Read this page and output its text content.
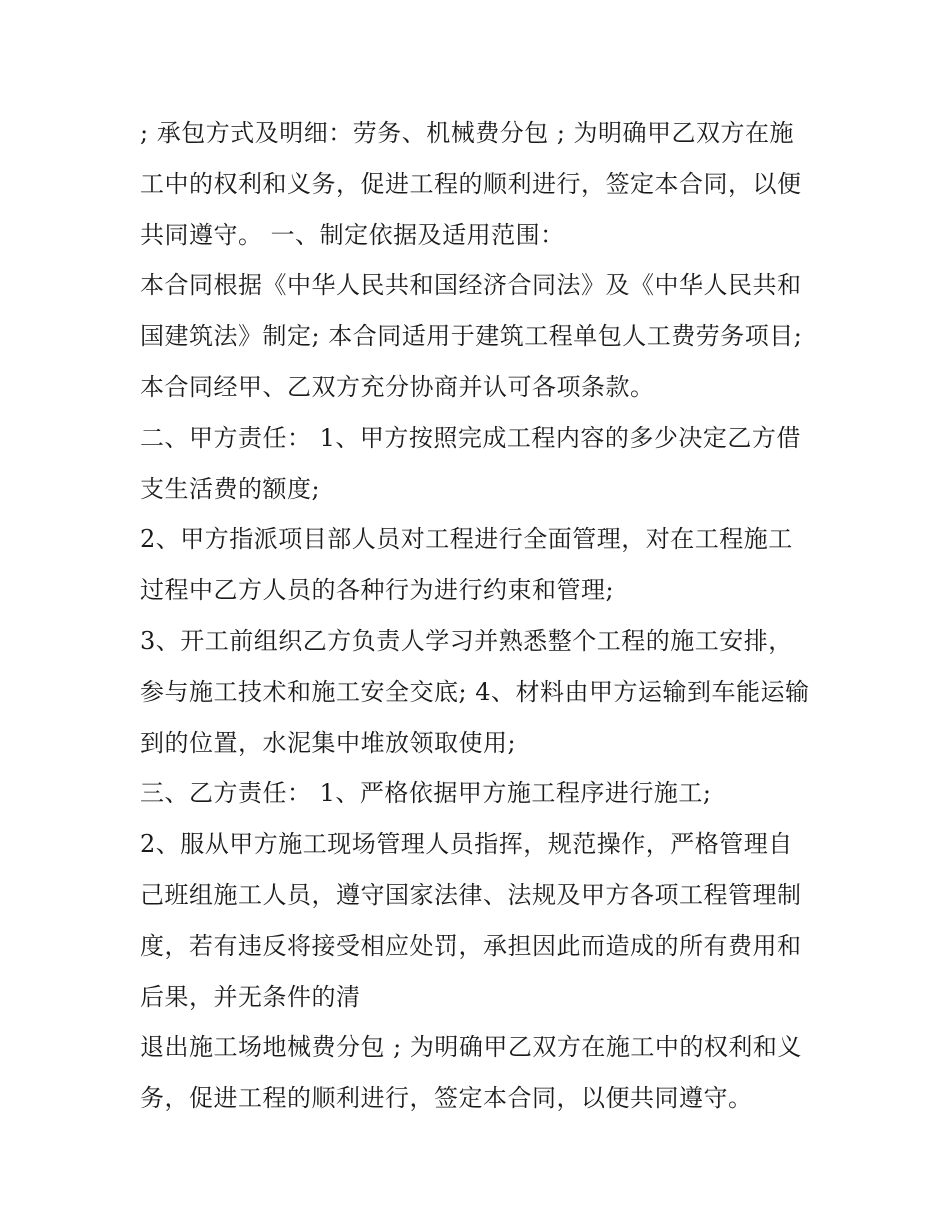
; 承包方式及明细：劳务、机械费分包 ; 为明确甲乙双方在施
工中的权利和义务，促进工程的顺利进行，签定本合同，以便
共同遵守。 一、制定依据及适用范围：
本合同根据《中华人民共和国经济合同法》及《中华人民共和
国建筑法》制定; 本合同适用于建筑工程单包人工费劳务项目;
本合同经甲、乙双方充分协商并认可各项条款。
二、甲方责任： 1、甲方按照完成工程内容的多少决定乙方借
支生活费的额度;
2、甲方指派项目部人员对工程进行全面管理，对在工程施工
过程中乙方人员的各种行为进行约束和管理;
3、开工前组织乙方负责人学习并熟悉整个工程的施工安排，
参与施工技术和施工安全交底; 4、材料由甲方运输到车能运输
到的位置，水泥集中堆放领取使用;
三、乙方责任： 1、严格依据甲方施工程序进行施工;
2、服从甲方施工现场管理人员指挥，规范操作，严格管理自
己班组施工人员，遵守国家法律、法规及甲方各项工程管理制
度，若有违反将接受相应处罚，承担因此而造成的所有费用和
后果，并无条件的清
退出施工场地械费分包 ; 为明确甲乙双方在施工中的权利和义
务，促进工程的顺利进行，签定本合同，以便共同遵守。
